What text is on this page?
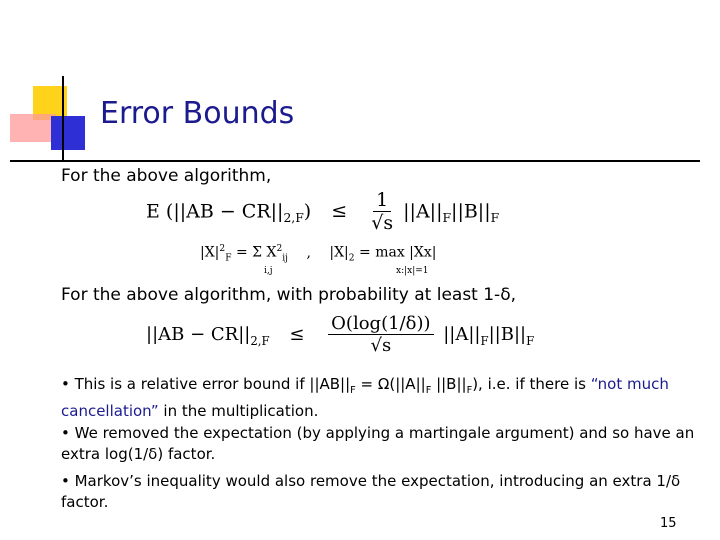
Error Bounds
For the above algorithm,
E $(||AB - CR||_{2,F}) \le \frac{1}{√s} ||A||_F||B||_F$
$|X|^2_F = \Sigma$ $X^2_{ij}$
i,j
, $|X|_2 = \max |Xx|$
x:|x|=1
For the above algorithm, with probability at least 1-δ,
$||AB - CR||_{2,F} \le \frac{O(\log(1/\delta))}{√s} ||A||_F||B||_F$
• This is a relative error bound if $||AB||_F = \Omega(||A||_F$ $||B||_F$), i.e. if there is “not much cancellation” in the multiplication.
• We removed the expectation (by applying a martingale argument) and so have an extra log(1/δ) factor.
• Markov’s inequality would also remove the expectation, introducing an extra 1/δ factor.
15
